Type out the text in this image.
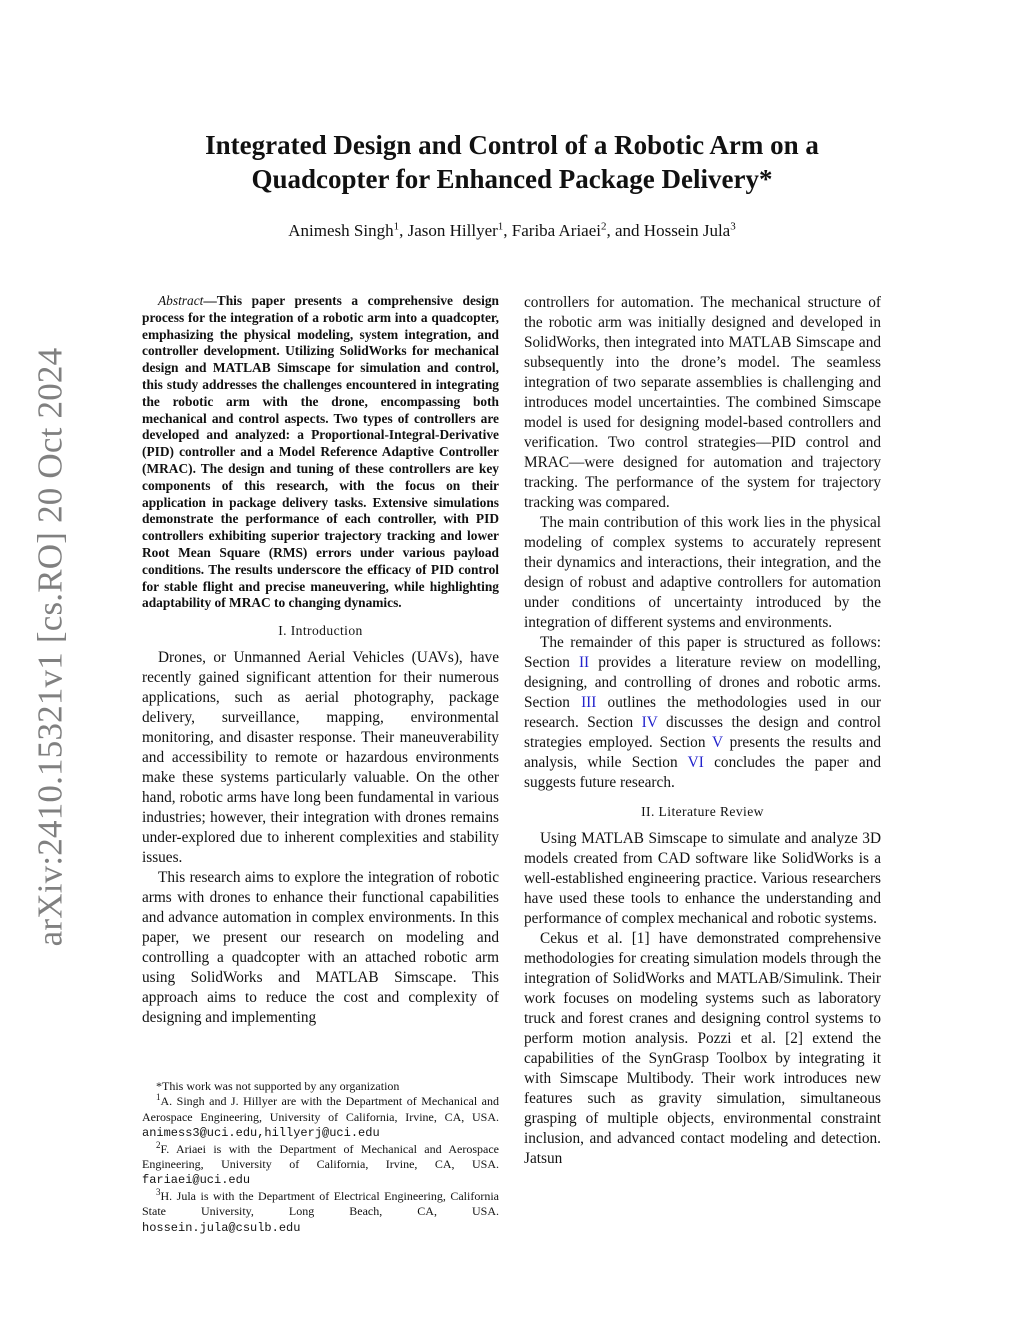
arXiv:2410.15321v1 [cs.RO] 20 Oct 2024
Integrated Design and Control of a Robotic Arm on a
Quadcopter for Enhanced Package Delivery*
Animesh Singh$^1$, Jason Hillyer$^1$, Fariba Ariaei$^2$, and Hossein Jula$^3$

Abstract—This paper presents a comprehensive design process for the integration of a robotic arm into a quadcopter, emphasizing the physical modeling, system integration, and controller development. Utilizing SolidWorks for mechanical design and MATLAB Simscape for simulation and control, this study addresses the challenges encountered in integrating the robotic arm with the drone, encompassing both mechanical and control aspects. Two types of controllers are developed and analyzed: a Proportional-Integral-Derivative (PID) controller and a Model Reference Adaptive Controller (MRAC). The design and tuning of these controllers are key components of this research, with the focus on their application in package delivery tasks. Extensive simulations demonstrate the performance of each controller, with PID controllers exhibiting superior trajectory tracking and lower Root Mean Square (RMS) errors under various payload conditions. The results underscore the efficacy of PID control for stable flight and precise maneuvering, while highlighting adaptability of MRAC to changing dynamics.

I. Introduction

Drones, or Unmanned Aerial Vehicles (UAVs), have recently gained significant attention for their numerous applications, such as aerial photography, package delivery, surveillance, mapping, environmental monitoring, and disaster response. Their maneuverability and accessibility to remote or hazardous environments make these systems particularly valuable. On the other hand, robotic arms have long been fundamental in various industries; however, their integration with drones remains under-explored due to inherent complexities and stability issues.

This research aims to explore the integration of robotic arms with drones to enhance their functional capabilities and advance automation in complex environments. In this paper, we present our research on modeling and controlling a quadcopter with an attached robotic arm using SolidWorks and MATLAB Simscape. This approach aims to reduce the cost and complexity of designing and implementing

*This work was not supported by any organization

$^1$A. Singh and J. Hillyer are with the Department of Mechanical and Aerospace Engineering, University of California, Irvine, CA, USA. animess3@uci.edu,hillyerj@uci.edu

$^2$F. Ariaei is with the Department of Mechanical and Aerospace Engineering, University of California, Irvine, CA, USA. fariaei@uci.edu

$^3$H. Jula is with the Department of Electrical Engineering, California State University, Long Beach, CA, USA. hossein.jula@csulb.edu

controllers for automation. The mechanical structure of the robotic arm was initially designed and developed in SolidWorks, then integrated into MATLAB Simscape and subsequently into the drone’s model. The seamless integration of two separate assemblies is challenging and introduces model uncertainties. The combined Simscape model is used for designing model-based controllers and verification. Two control strategies—PID control and MRAC—were designed for automation and trajectory tracking. The performance of the system for trajectory tracking was compared.

The main contribution of this work lies in the physical modeling of complex systems to accurately represent their dynamics and interactions, their integration, and the design of robust and adaptive controllers for automation under conditions of uncertainty introduced by the integration of different systems and environments.

The remainder of this paper is structured as follows: Section II provides a literature review on modelling, designing, and controlling of drones and robotic arms. Section III outlines the methodologies used in our research. Section IV discusses the design and control strategies employed. Section V presents the results and analysis, while Section VI concludes the paper and suggests future research.

II. Literature Review

Using MATLAB Simscape to simulate and analyze 3D models created from CAD software like SolidWorks is a well-established engineering practice. Various researchers have used these tools to enhance the understanding and performance of complex mechanical and robotic systems.

Cekus et al. [1] have demonstrated comprehensive methodologies for creating simulation models through the integration of SolidWorks and MATLAB/Simulink. Their work focuses on modeling systems such as laboratory truck and forest cranes and designing control systems to perform motion analysis. Pozzi et al. [2] extend the capabilities of the SynGrasp Toolbox by integrating it with Simscape Multibody. Their work introduces new features such as gravity simulation, simultaneous grasping of multiple objects, environmental constraint inclusion, and advanced contact modeling and detection. Jatsun
